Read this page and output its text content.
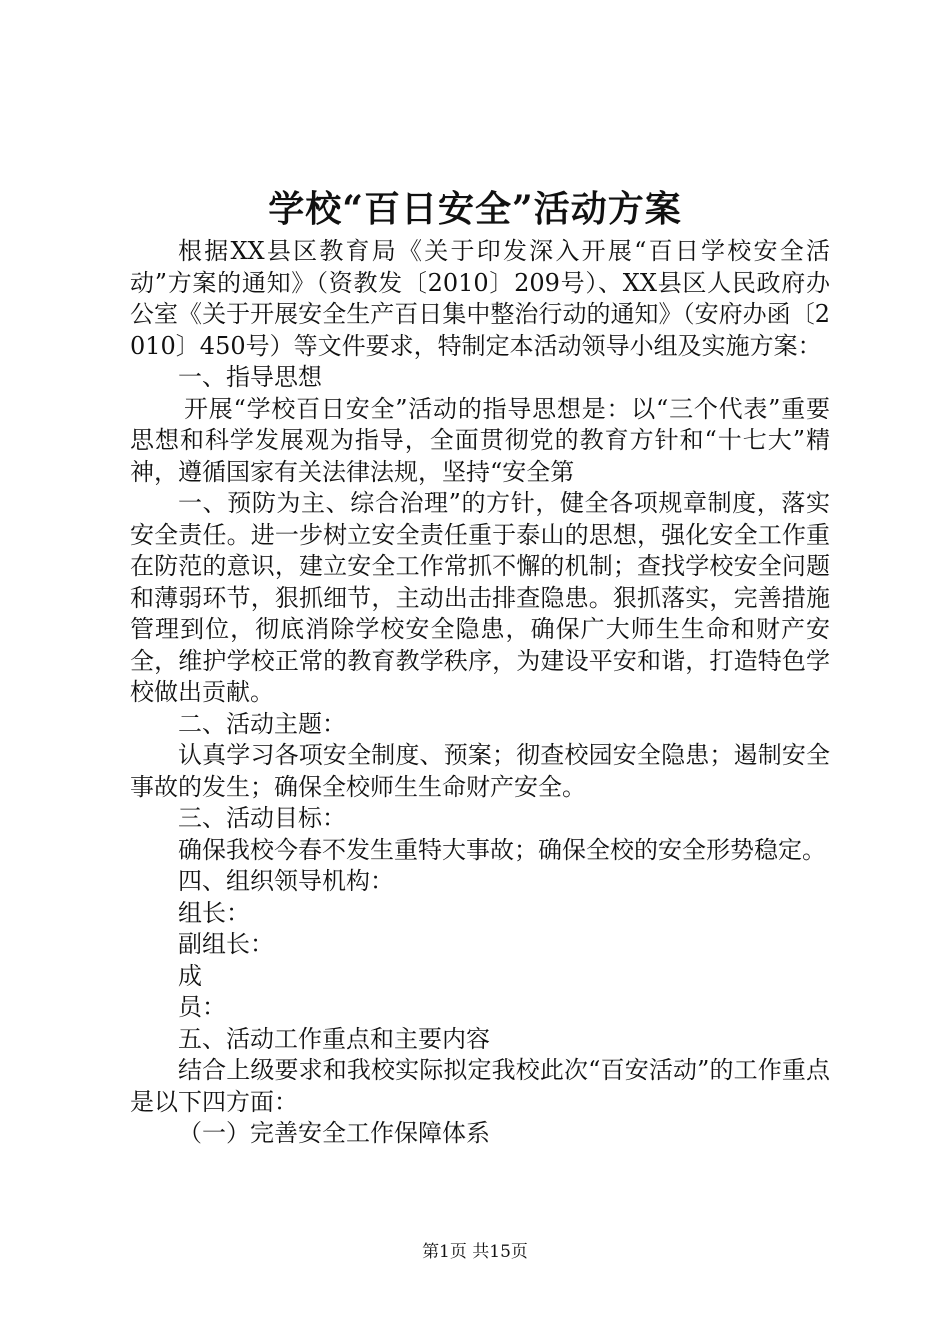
学校“百日安全”活动方案

根据XX县区教育局《关于印发深入开展“百日学校安全活动”方案的通知》（资教发〔2010〕209号）、XX县区人民政府办公室《关于开展安全生产百日集中整治行动的通知》（安府办函〔2010〕450号）等文件要求，特制定本活动领导小组及实施方案：

一、指导思想

开展“学校百日安全”活动的指导思想是：以“三个代表”重要思想和科学发展观为指导，全面贯彻党的教育方针和“十七大”精神，遵循国家有关法律法规，坚持“安全第

一、预防为主、综合治理”的方针，健全各项规章制度，落实安全责任。进一步树立安全责任重于泰山的思想，强化安全工作重在防范的意识，建立安全工作常抓不懈的机制；查找学校安全问题和薄弱环节，狠抓细节，主动出击排查隐患。狠抓落实，完善措施管理到位，彻底消除学校安全隐患，确保广大师生生命和财产安全，维护学校正常的教育教学秩序，为建设平安和谐，打造特色学校做出贡献。

二、活动主题：

认真学习各项安全制度、预案；彻查校园安全隐患；遏制安全事故的发生；确保全校师生生命财产安全。

三、活动目标：

确保我校今春不发生重特大事故；确保全校的安全形势稳定。

四、组织领导机构：

组长：

副组长：

成

员：

五、活动工作重点和主要内容

结合上级要求和我校实际拟定我校此次“百安活动”的工作重点是以下四方面：

（一）完善安全工作保障体系

第1页 共15页
